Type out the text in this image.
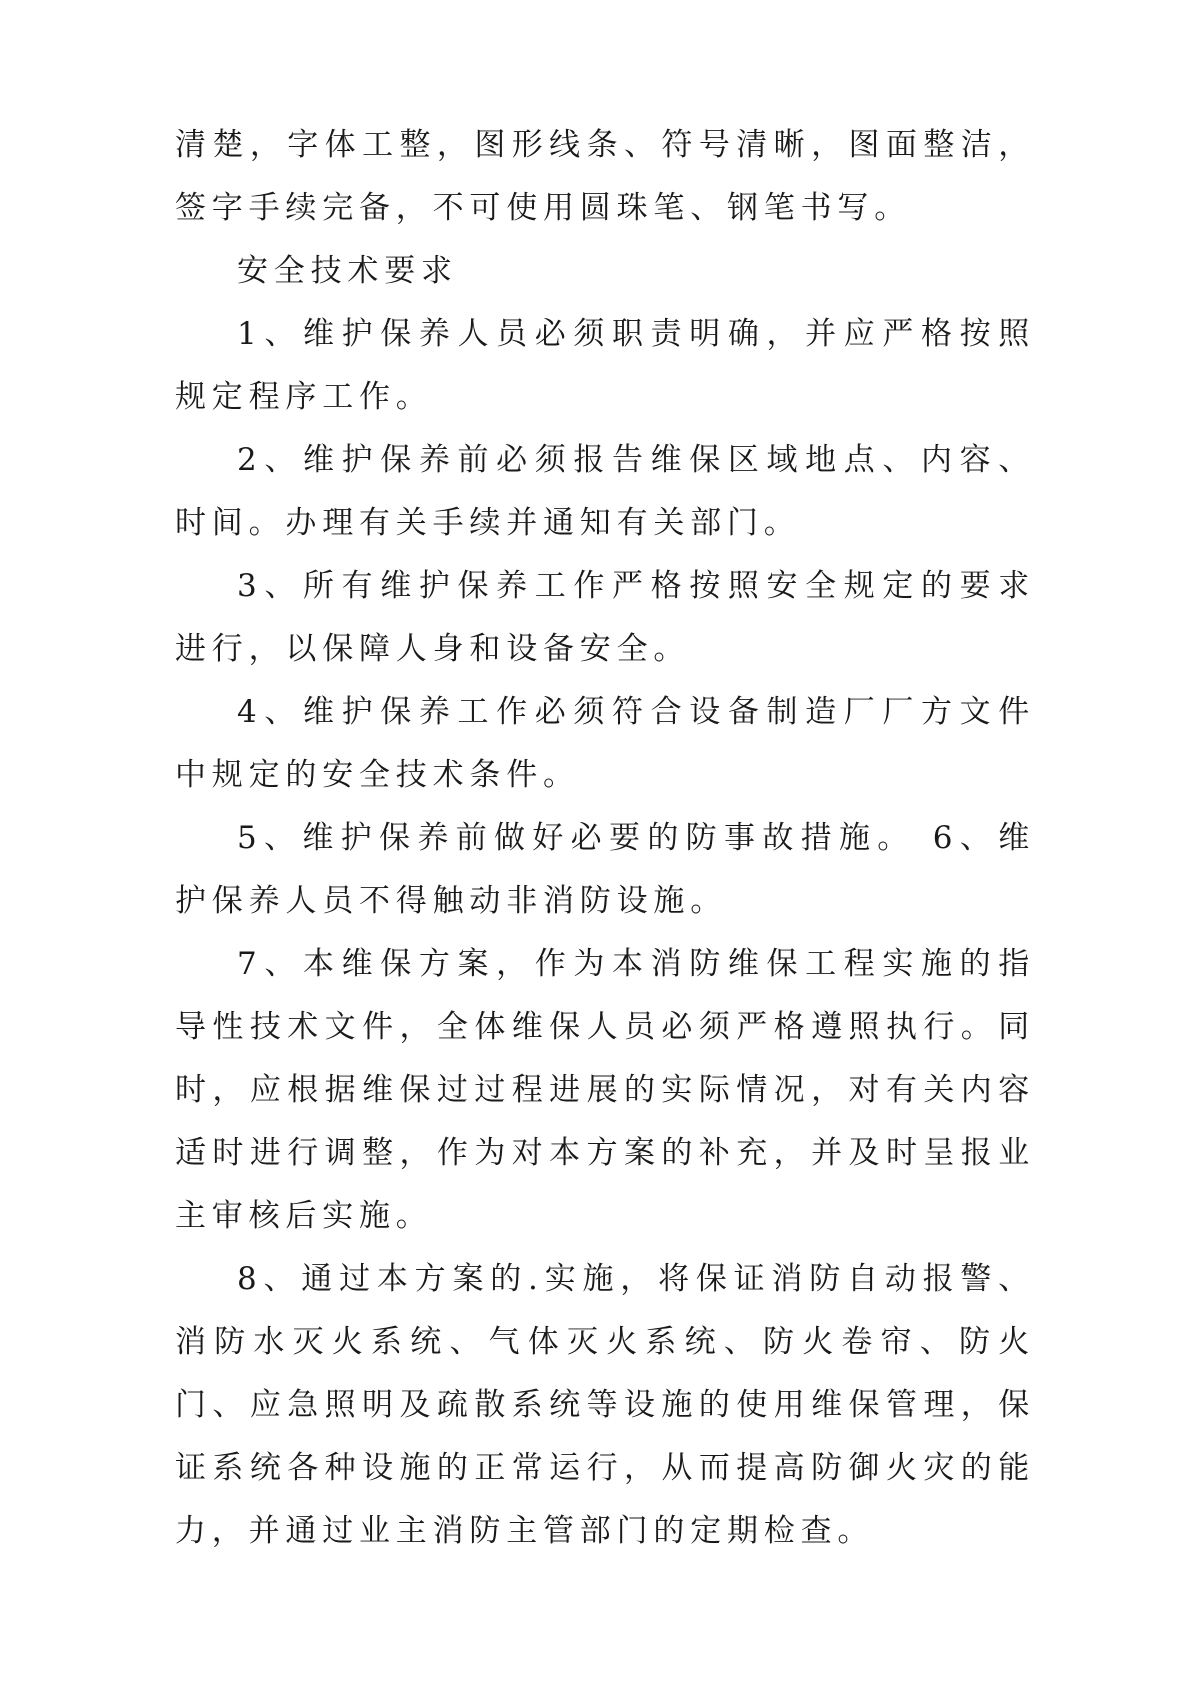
清楚，字体工整，图形线条、符号清晰，图面整洁，签字手续完备，不可使用圆珠笔、钢笔书写。

安全技术要求

1、维护保养人员必须职责明确，并应严格按照规定程序工作。

2、维护保养前必须报告维保区域地点、内容、时间。办理有关手续并通知有关部门。

3、所有维护保养工作严格按照安全规定的要求进行，以保障人身和设备安全。

4、维护保养工作必须符合设备制造厂厂方文件中规定的安全技术条件。

5、维护保养前做好必要的防事故措施。 6、维护保养人员不得触动非消防设施。

7、本维保方案，作为本消防维保工程实施的指导性技术文件，全体维保人员必须严格遵照执行。同时，应根据维保过过程进展的实际情况，对有关内容适时进行调整，作为对本方案的补充，并及时呈报业主审核后实施。

8、通过本方案的.实施，将保证消防自动报警、消防水灭火系统、气体灭火系统、防火卷帘、防火门、应急照明及疏散系统等设施的使用维保管理，保证系统各种设施的正常运行，从而提高防御火灾的能力，并通过业主消防主管部门的定期检查。
